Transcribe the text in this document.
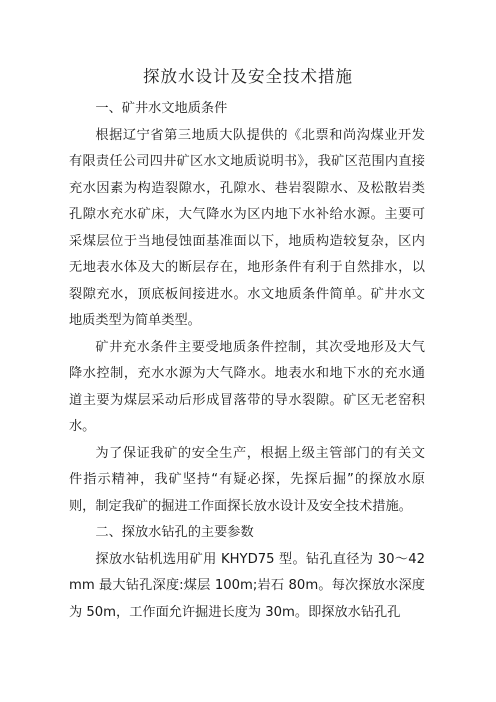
探放水设计及安全技术措施

一、矿井水文地质条件

根据辽宁省第三地质大队提供的《北票和尚沟煤业开发有限责任公司四井矿区水文地质说明书》，我矿区范围内直接充水因素为构造裂隙水，孔隙水、巷岩裂隙水、及松散岩类孔隙水充水矿床，大气降水为区内地下水补给水源。主要可采煤层位于当地侵蚀面基准面以下，地质构造较复杂，区内无地表水体及大的断层存在，地形条件有利于自然排水，以裂隙充水，顶底板间接进水。水文地质条件简单。矿井水文地质类型为简单类型。

矿井充水条件主要受地质条件控制，其次受地形及大气降水控制，充水水源为大气降水。地表水和地下水的充水通道主要为煤层采动后形成冒落带的导水裂隙。矿区无老窑积水。

为了保证我矿的安全生产，根据上级主管部门的有关文件指示精神，我矿坚持“有疑必探，先探后掘”的探放水原则，制定我矿的掘进工作面探长放水设计及安全技术措施。

二、探放水钻孔的主要参数

探放水钻机选用矿用 KHYD75 型。钻孔直径为 30～42mm 最大钻孔深度:煤层 100m;岩石 80m。每次探放水深度为 50m，工作面允许掘进长度为 30m。即探放水钻孔孔
